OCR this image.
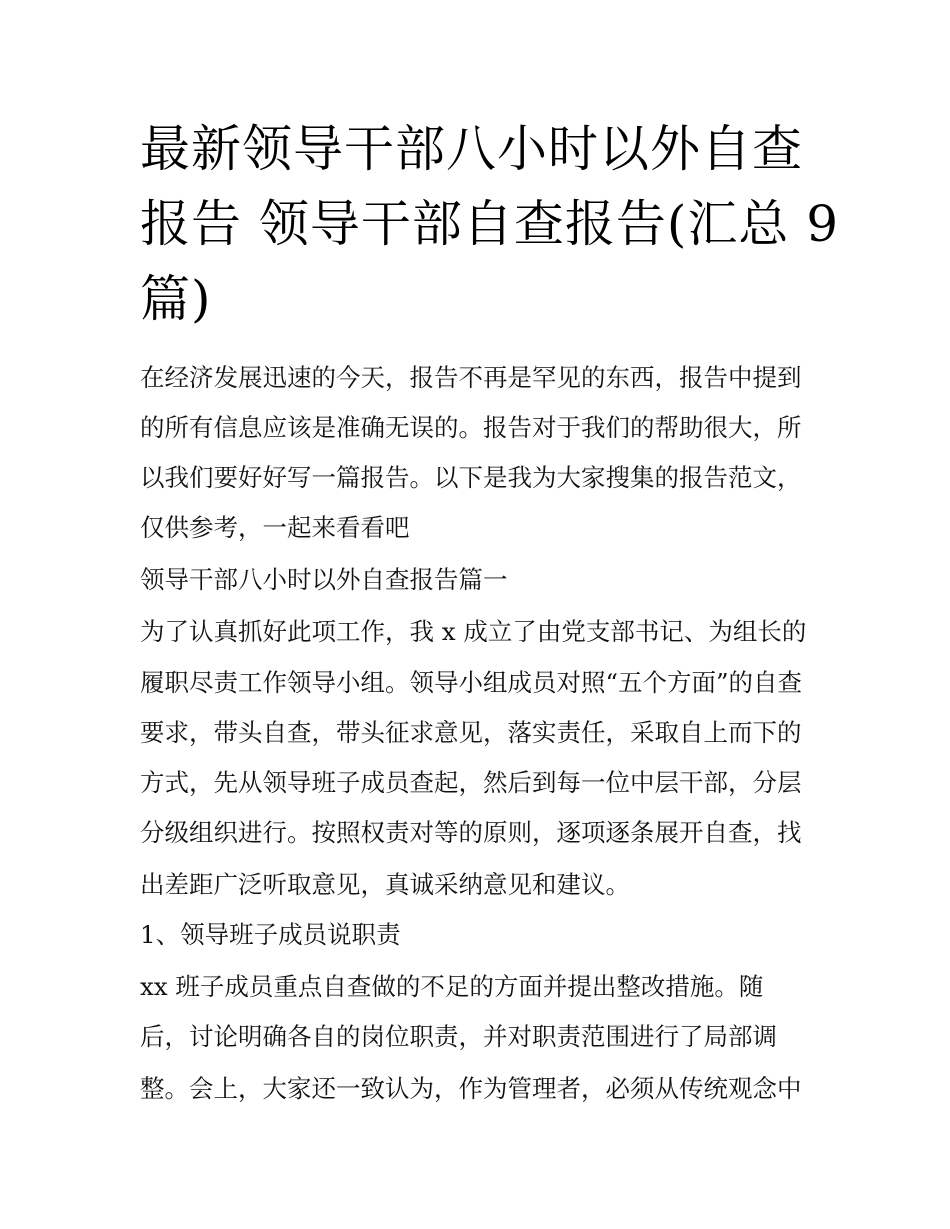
最新领导干部八小时以外自查
报告 领导干部自查报告(汇总 9
篇)
在经济发展迅速的今天，报告不再是罕见的东西，报告中提到
的所有信息应该是准确无误的。报告对于我们的帮助很大，所
以我们要好好写一篇报告。以下是我为大家搜集的报告范文，
仅供参考，一起来看看吧
领导干部八小时以外自查报告篇一
为了认真抓好此项工作，我 x 成立了由党支部书记、为组长的
履职尽责工作领导小组。领导小组成员对照“五个方面”的自查
要求，带头自查，带头征求意见，落实责任，采取自上而下的
方式，先从领导班子成员查起，然后到每一位中层干部，分层
分级组织进行。按照权责对等的原则，逐项逐条展开自查，找
出差距广泛听取意见，真诚采纳意见和建议。
1、领导班子成员说职责
xx 班子成员重点自查做的不足的方面并提出整改措施。随
后，讨论明确各自的岗位职责，并对职责范围进行了局部调
整。会上，大家还一致认为，作为管理者，必须从传统观念中
